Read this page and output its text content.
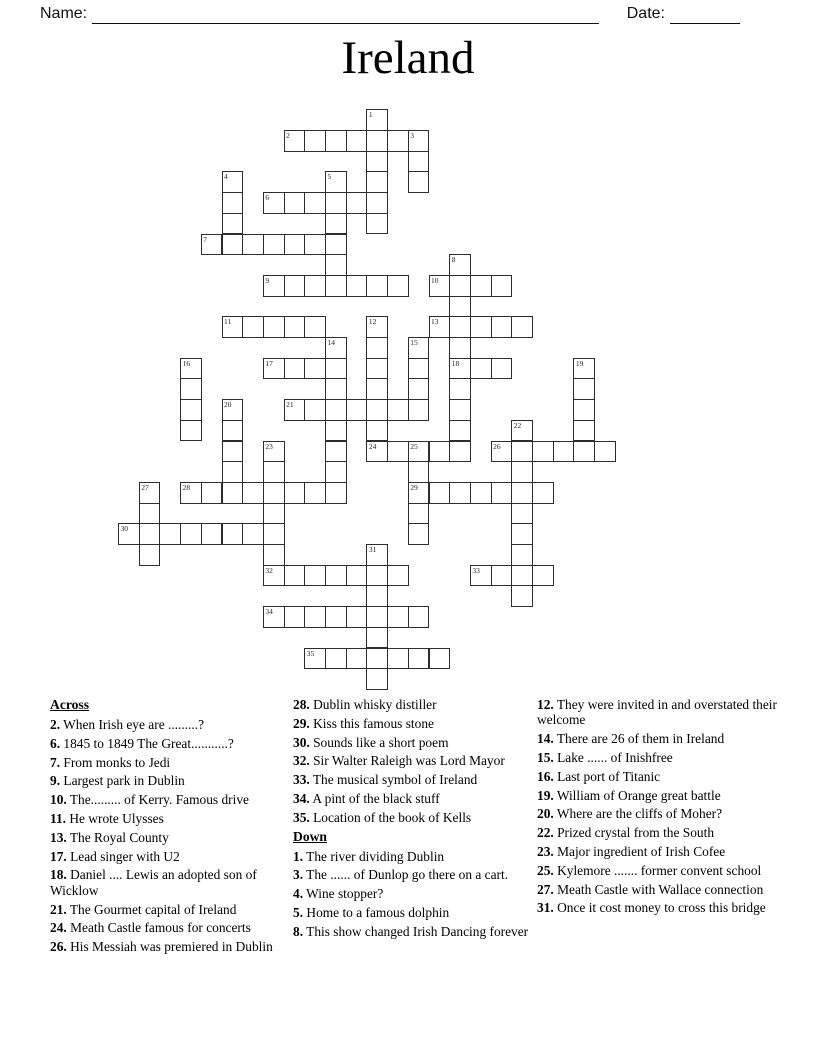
Name:	Date:
Ireland
2	3
6
7
9	10
11	13
17	18
21
24	25	26
28	29
30
32	33
34
35
1
4	5
8
12
14	15
16	19
20
22
23
27
31
Across
2. When Irish eye are .........?
6. 1845 to 1849 The Great...........?
7. From monks to Jedi
9. Largest park in Dublin
10. The......... of Kerry. Famous drive
11. He wrote Ulysses
13. The Royal County
17. Lead singer with U2
18. Daniel .... Lewis an adopted son of Wicklow
21. The Gourmet capital of Ireland
24. Meath Castle famous for concerts
26. His Messiah was premiered in Dublin
28. Dublin whisky distiller
29. Kiss this famous stone
30. Sounds like a short poem
32. Sir Walter Raleigh was Lord Mayor
33. The musical symbol of Ireland
34. A pint of the black stuff
35. Location of the book of Kells
Down
1. The river dividing Dublin
3. The ...... of Dunlop go there on a cart.
4. Wine stopper?
5. Home to a famous dolphin
8. This show changed Irish Dancing forever
12. They were invited in and overstated their welcome
14. There are 26 of them in Ireland
15. Lake ...... of Inishfree
16. Last port of Titanic
19. William of Orange great battle
20. Where are the cliffs of Moher?
22. Prized crystal from the South
23. Major ingredient of Irish Cofee
25. Kylemore ....... former convent school
27. Meath Castle with Wallace connection
31. Once it cost money to cross this bridge
